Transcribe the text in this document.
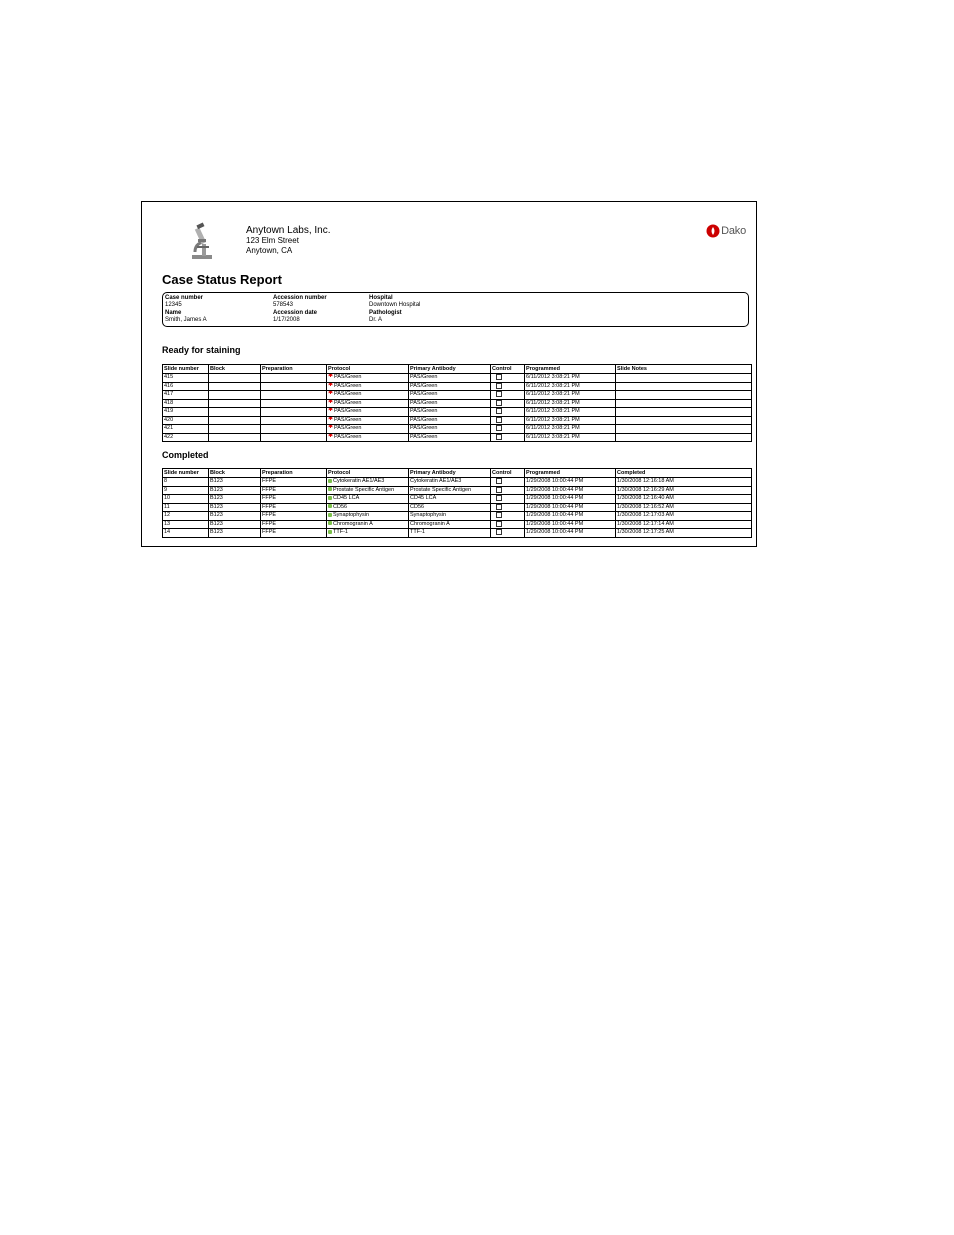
Anytown Labs, Inc.
123 Elm Street
Anytown, CA
Dako
Case Status Report
Case number
12345
Name
Smith, James A
Accession number
578543
Accession date
1/17/2008
Hospital
Downtown Hospital
Pathologist
Dr. A
Ready for staining
Slide number	Block	Preparation	Protocol	Primary Antibody	Control	Programmed	Slide Notes
415			✱PAS/Green	PAS/Green		6/11/2012 3:08:21 PM	
416			✱PAS/Green	PAS/Green		6/11/2012 3:08:21 PM	
417			✱PAS/Green	PAS/Green		6/11/2012 3:08:21 PM	
418			✱PAS/Green	PAS/Green		6/11/2012 3:08:21 PM	
419			✱PAS/Green	PAS/Green		6/11/2012 3:08:21 PM	
420			✱PAS/Green	PAS/Green		6/11/2012 3:08:21 PM	
421			✱PAS/Green	PAS/Green		6/11/2012 3:08:21 PM	
422			✱PAS/Green	PAS/Green		6/11/2012 3:08:21 PM	
Completed
Slide number	Block	Preparation	Protocol	Primary Antibody	Control	Programmed	Completed
8	B123	FFPE	Cytokeratin AE1/AE3	Cytokeratin AE1/AE3		1/29/2008 10:00:44 PM	1/30/2008 12:16:18 AM
9	B123	FFPE	Prostate Specific Antigen	Prostate Specific Antigen		1/29/2008 10:00:44 PM	1/30/2008 12:16:29 AM
10	B123	FFPE	CD45 LCA	CD45 LCA		1/29/2008 10:00:44 PM	1/30/2008 12:16:40 AM
11	B123	FFPE	CD56	CD56		1/29/2008 10:00:44 PM	1/30/2008 12:16:52 AM
12	B123	FFPE	Synaptophysin	Synaptophysin		1/29/2008 10:00:44 PM	1/30/2008 12:17:03 AM
13	B123	FFPE	Chromogranin A	Chromogranin A		1/29/2008 10:00:44 PM	1/30/2008 12:17:14 AM
14	B123	FFPE	TTF-1	TTF-1		1/29/2008 10:00:44 PM	1/30/2008 12:17:25 AM
